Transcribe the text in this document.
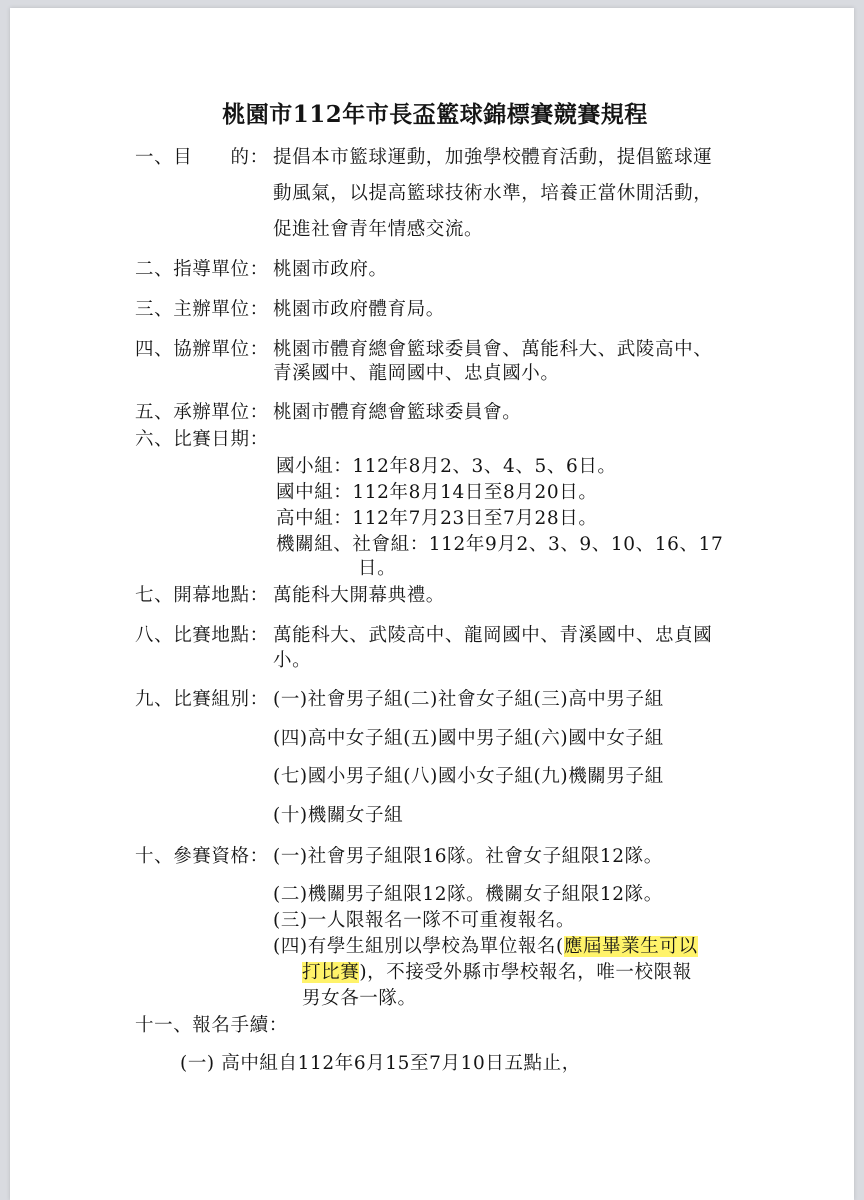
桃園市112年市長盃籃球錦標賽競賽規程
一、目　　的： 提倡本市籃球運動，加強學校體育活動，提倡籃球運
動風氣，以提高籃球技術水準，培養正當休閒活動，
促進社會青年情感交流。
二、指導單位： 桃園市政府。
三、主辦單位： 桃園市政府體育局。
四、協辦單位： 桃園市體育總會籃球委員會、萬能科大、武陵高中、
青溪國中、龍岡國中、忠貞國小。
五、承辦單位： 桃園市體育總會籃球委員會。
六、比賽日期：
國小組：112年8月2、3、4、5、6日。
國中組：112年8月14日至8月20日。
高中組：112年7月23日至7月28日。
機關組、社會組：112年9月2、3、9、10、16、17
日。
七、開幕地點： 萬能科大開幕典禮。
八、比賽地點： 萬能科大、武陵高中、龍岡國中、青溪國中、忠貞國
小。
九、比賽組別： (一)社會男子組(二)社會女子組(三)高中男子組
(四)高中女子組(五)國中男子組(六)國中女子組
(七)國小男子組(八)國小女子組(九)機關男子組
(十)機關女子組
十、參賽資格： (一)社會男子組限16隊。社會女子組限12隊。
(二)機關男子組限12隊。機關女子組限12隊。
(三)一人限報名一隊不可重複報名。
(四)有學生組別以學校為單位報名(應屆畢業生可以
打比賽)，不接受外縣市學校報名，唯一校限報
男女各一隊。
十一、報名手續：
(一) 高中組自112年6月15至7月10日五點止，
